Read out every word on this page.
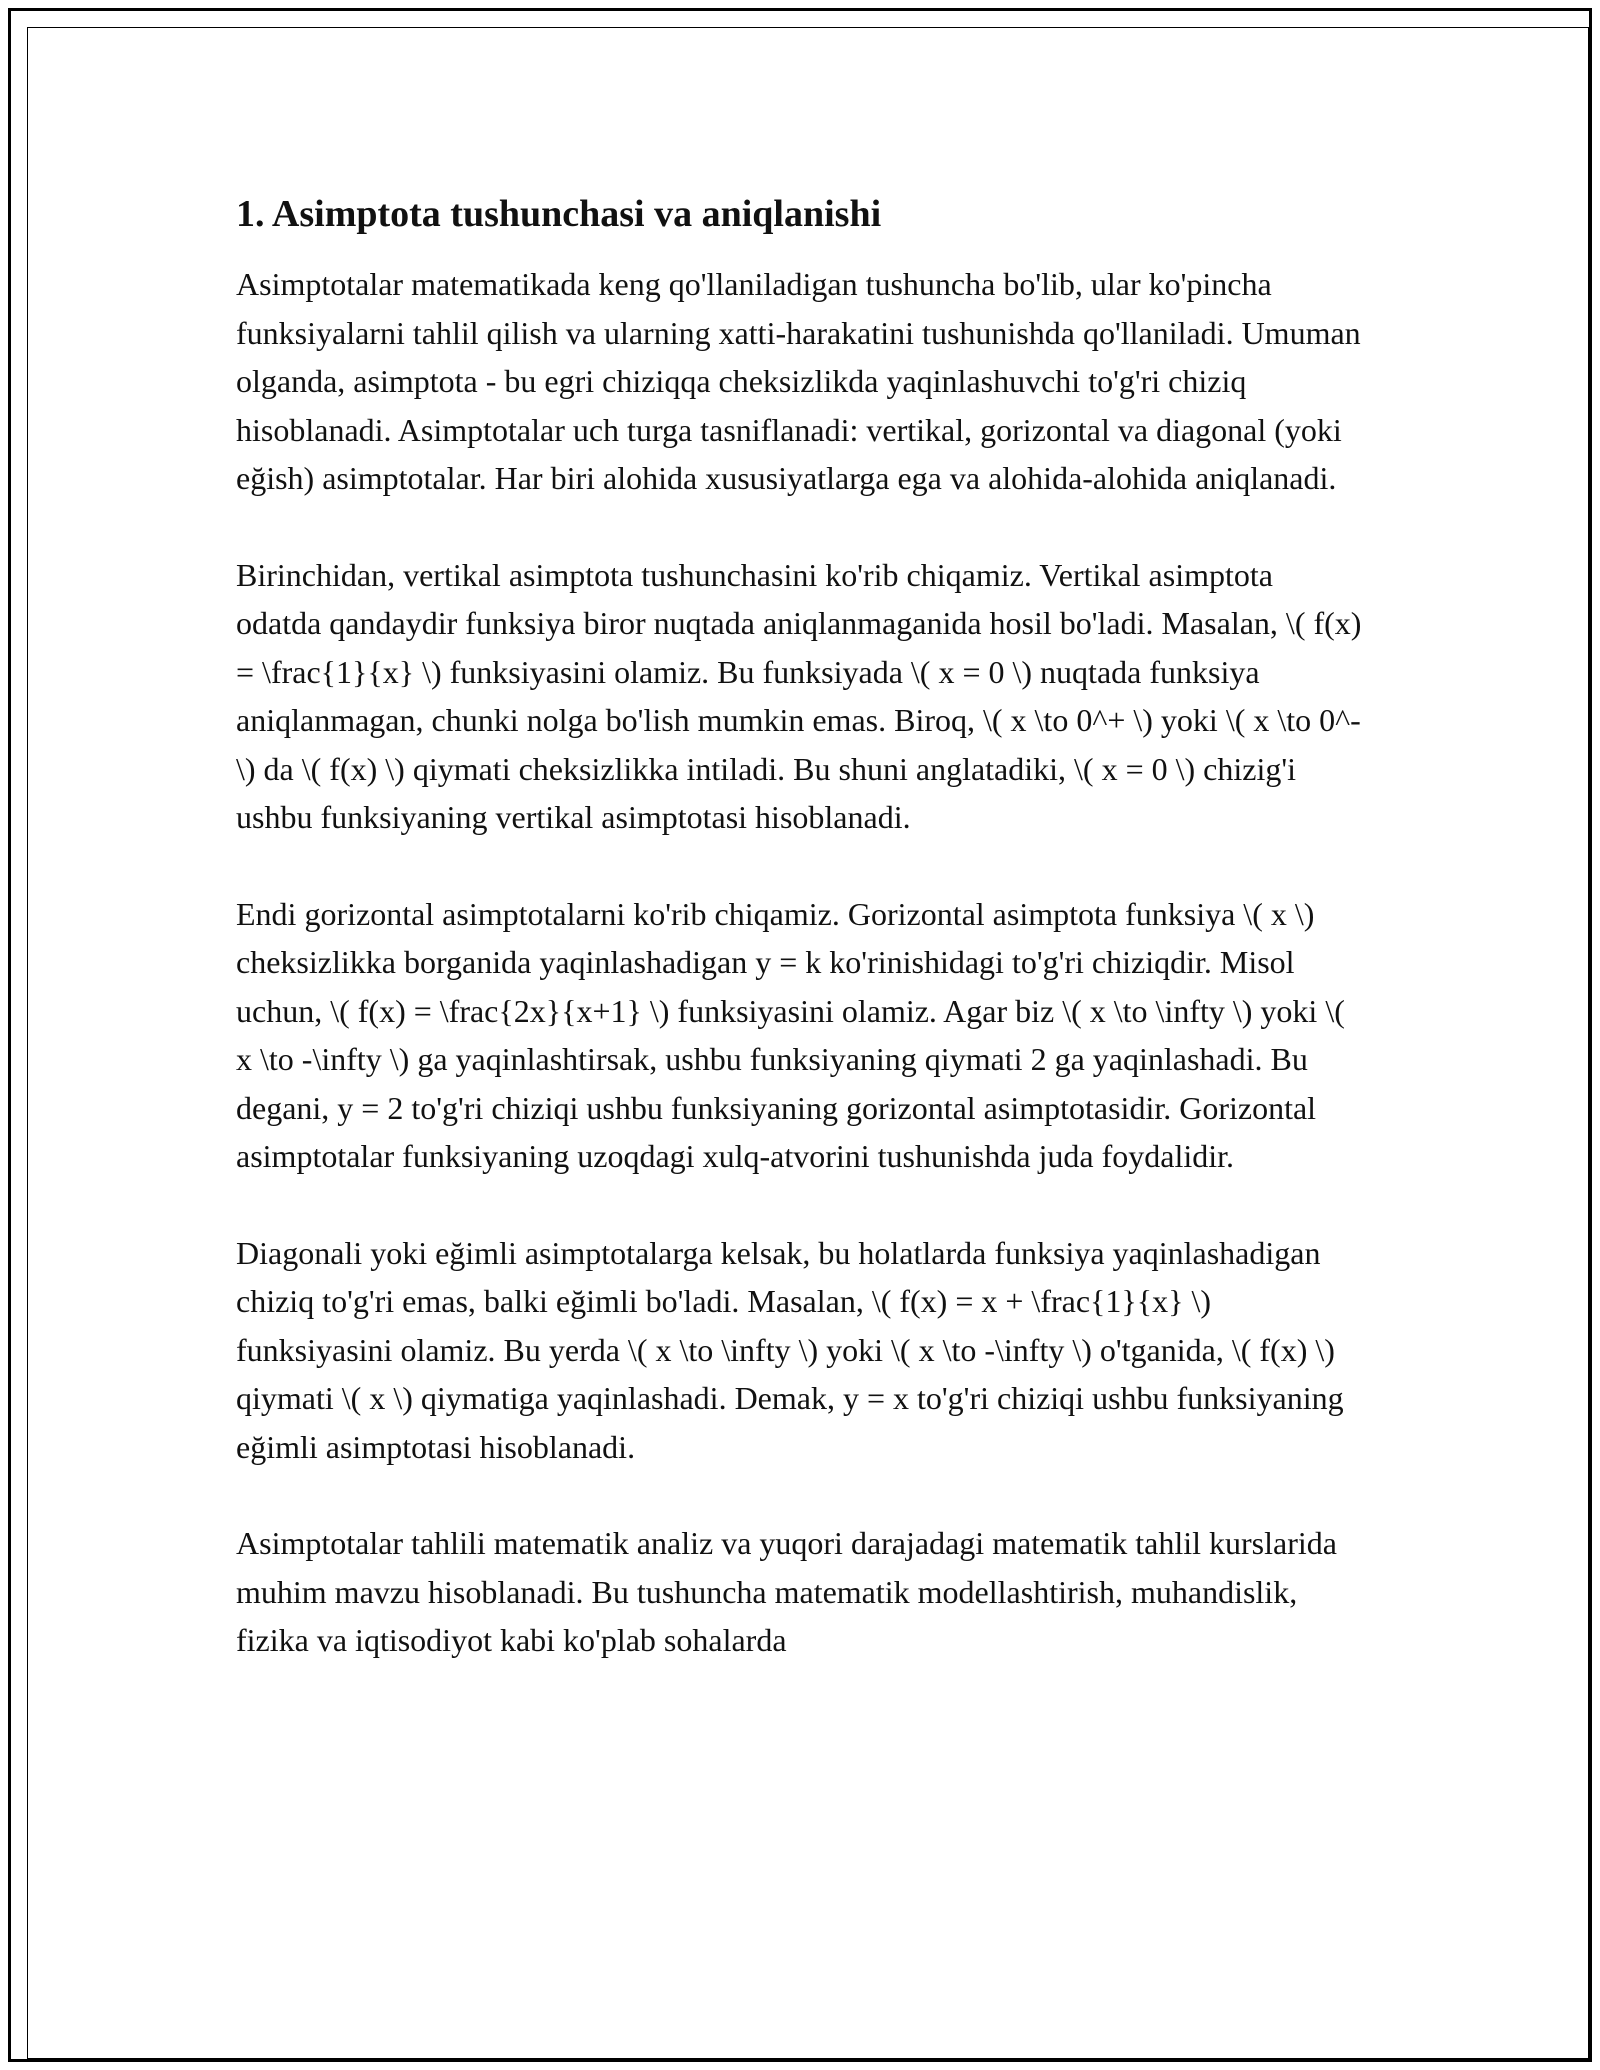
1. Asimptota tushunchasi va aniqlanishi

Asimptotalar matematikada keng qo'llaniladigan tushuncha bo'lib, ular ko'pincha funksiyalarni tahlil qilish va ularning xatti-harakatini tushunishda qo'llaniladi. Umuman olganda, asimptota - bu egri chiziqqa cheksizlikda yaqinlashuvchi to'g'ri chiziq hisoblanadi. Asimptotalar uch turga tasniflanadi: vertikal, gorizontal va diagonal (yoki eğish) asimptotalar. Har biri alohida xususiyatlarga ega va alohida-alohida aniqlanadi.

Birinchidan, vertikal asimptota tushunchasini ko'rib chiqamiz. Vertikal asimptota odatda qandaydir funksiya biror nuqtada aniqlanmaganida hosil bo'ladi. Masalan, \( f(x) = \frac{1}{x} \) funksiyasini olamiz. Bu funksiyada \( x = 0 \) nuqtada funksiya aniqlanmagan, chunki nolga bo'lish mumkin emas. Biroq, \( x \to 0^+ \) yoki \( x \to 0^- \) da \( f(x) \) qiymati cheksizlikka intiladi. Bu shuni anglatadiki, \( x = 0 \) chizig'i ushbu funksiyaning vertikal asimptotasi hisoblanadi.

Endi gorizontal asimptotalarni ko'rib chiqamiz. Gorizontal asimptota funksiya \( x \) cheksizlikka borganida yaqinlashadigan y = k ko'rinishidagi to'g'ri chiziqdir. Misol uchun, \( f(x) = \frac{2x}{x+1} \) funksiyasini olamiz. Agar biz \( x \to \infty \) yoki \( x \to -\infty \) ga yaqinlashtirsak, ushbu funksiyaning qiymati 2 ga yaqinlashadi. Bu degani, y = 2 to'g'ri chiziqi ushbu funksiyaning gorizontal asimptotasidir. Gorizontal asimptotalar funksiyaning uzoqdagi xulq-atvorini tushunishda juda foydalidir.

Diagonali yoki eğimli asimptotalarga kelsak, bu holatlarda funksiya yaqinlashadigan chiziq to'g'ri emas, balki eğimli bo'ladi. Masalan, \( f(x) = x + \frac{1}{x} \) funksiyasini olamiz. Bu yerda \( x \to \infty \) yoki \( x \to -\infty \) o'tganida, \( f(x) \) qiymati \( x \) qiymatiga yaqinlashadi. Demak, y = x to'g'ri chiziqi ushbu funksiyaning eğimli asimptotasi hisoblanadi.

Asimptotalar tahlili matematik analiz va yuqori darajadagi matematik tahlil kurslarida muhim mavzu hisoblanadi. Bu tushuncha matematik modellashtirish, muhandislik, fizika va iqtisodiyot kabi ko'plab sohalarda
